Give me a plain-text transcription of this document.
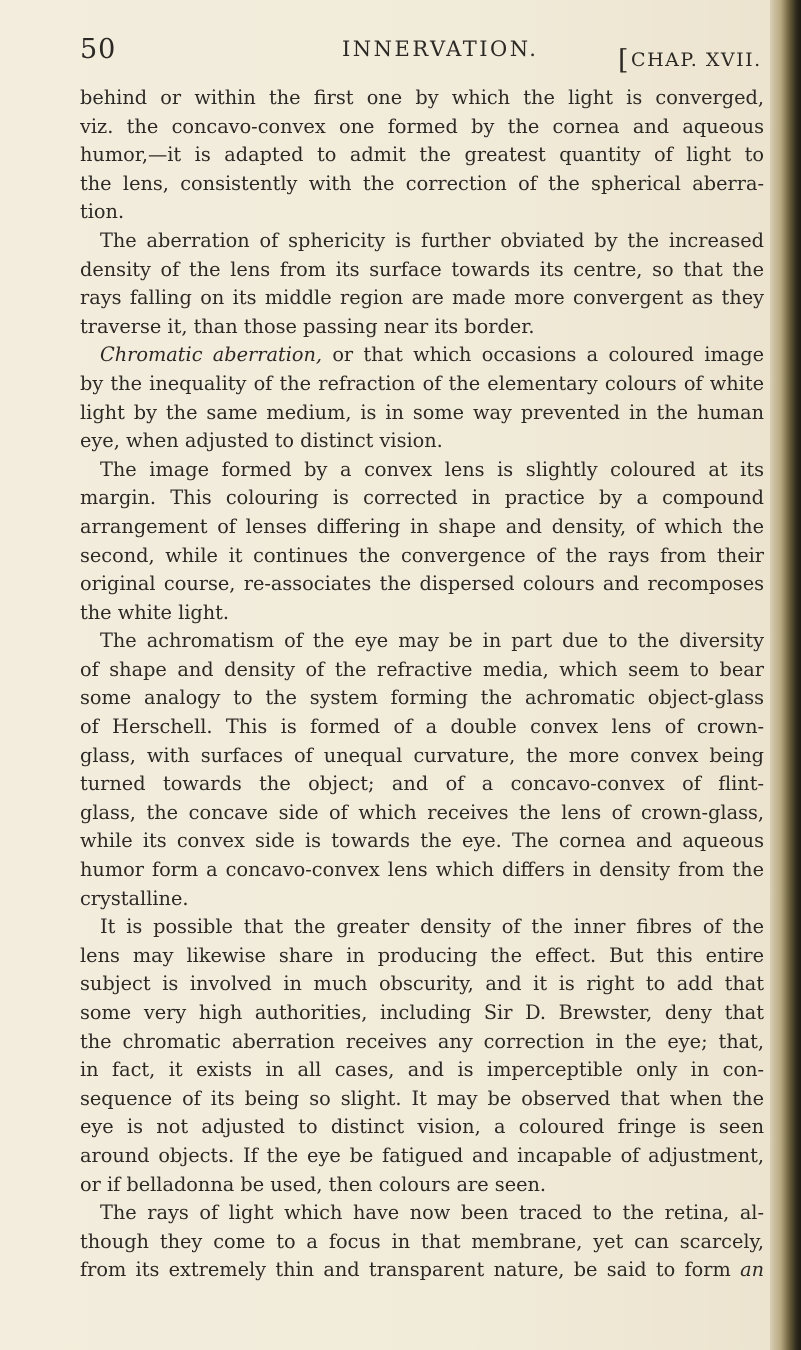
50	INNERVATION.	[CHAP. XVII.
behind or within the first one by which the light is converged,
viz. the concavo-convex one formed by the cornea and aqueous
humor,—it is adapted to admit the greatest quantity of light to
the lens, consistently with the correction of the spherical aberra-
tion.
The aberration of sphericity is further obviated by the increased
density of the lens from its surface towards its centre, so that the
rays falling on its middle region are made more convergent as they
traverse it, than those passing near its border.
Chromatic aberration, or that which occasions a coloured image
by the inequality of the refraction of the elementary colours of white
light by the same medium, is in some way prevented in the human
eye, when adjusted to distinct vision.
The image formed by a convex lens is slightly coloured at its
margin. This colouring is corrected in practice by a compound
arrangement of lenses differing in shape and density, of which the
second, while it continues the convergence of the rays from their
original course, re-associates the dispersed colours and recomposes
the white light.
The achromatism of the eye may be in part due to the diversity
of shape and density of the refractive media, which seem to bear
some analogy to the system forming the achromatic object-glass
of Herschell. This is formed of a double convex lens of crown-
glass, with surfaces of unequal curvature, the more convex being
turned towards the object; and of a concavo-convex of flint-
glass, the concave side of which receives the lens of crown-glass,
while its convex side is towards the eye. The cornea and aqueous
humor form a concavo-convex lens which differs in density from the
crystalline.
It is possible that the greater density of the inner fibres of the
lens may likewise share in producing the effect. But this entire
subject is involved in much obscurity, and it is right to add that
some very high authorities, including Sir D. Brewster, deny that
the chromatic aberration receives any correction in the eye; that,
in fact, it exists in all cases, and is imperceptible only in con-
sequence of its being so slight. It may be observed that when the
eye is not adjusted to distinct vision, a coloured fringe is seen
around objects. If the eye be fatigued and incapable of adjustment,
or if belladonna be used, then colours are seen.
The rays of light which have now been traced to the retina, al-
though they come to a focus in that membrane, yet can scarcely,
from its extremely thin and transparent nature, be said to form an
